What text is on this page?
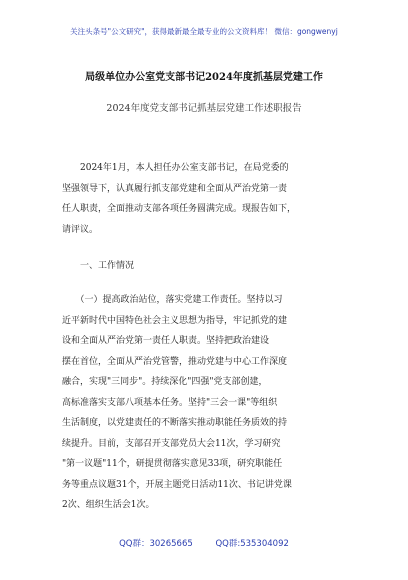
关注头条号"公文研究"，获得最新最全最专业的公文资料库！ 微信：gongwenyj
局级单位办公室党支部书记2024年度抓基层党建工作
2024年度党支部书记抓基层党建工作述职报告
　　2024年1月，本人担任办公室支部书记，在局党委的
坚强领导下，认真履行抓支部党建和全面从严治党第一责
任人职责，全面推动支部各项任务圆满完成。现报告如下，
请评议。
　　一、工作情况
　　（一）提高政治站位，落实党建工作责任。坚持以习
近平新时代中国特色社会主义思想为指导，牢记抓党的建
设和全面从严治党第一责任人职责。坚持把政治建设
摆在首位，全面从严治党管警，推动党建与中心工作深度
融合，实现"三同步"。持续深化"四强"党支部创建，
高标准落实支部八项基本任务。坚持"三会一课"等组织
生活制度，以党建责任的不断落实推动职能任务质效的持
续提升。目前，支部召开支部党员大会11次，学习研究
"第一议题"11个，研提贯彻落实意见33项，研究职能任
务等重点议题31个，开展主题党日活动11次、书记讲党课
2次、组织生活会1次。
QQ群：30265665	QQ群:535304092
